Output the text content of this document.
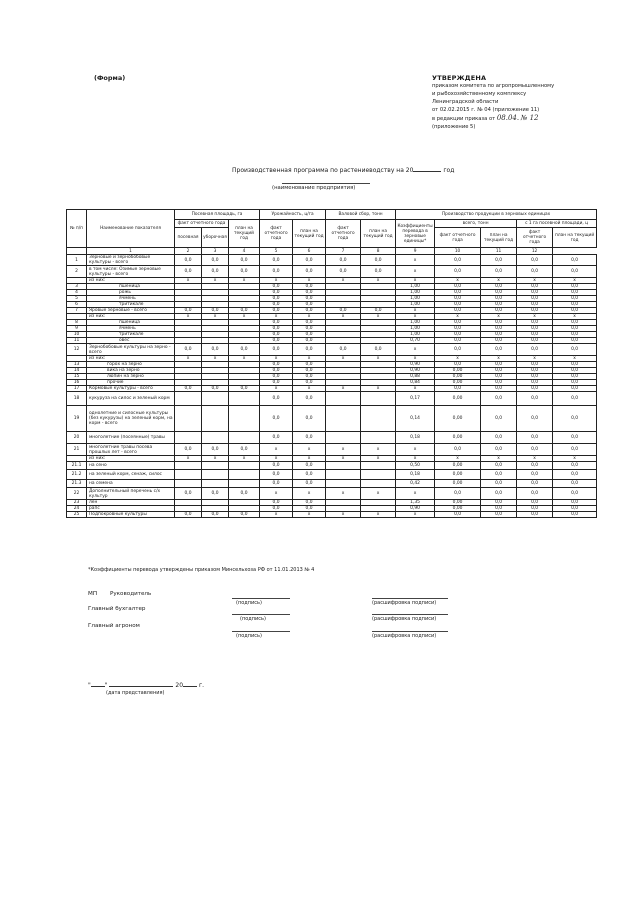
(Форма)	УТВЕРЖДЕНА
приказом комитета по агропромышленному
и рыбохозяйственному комплексу
Ленинградской области
от 02.02.2015 г. № 04 (приложение 11)
в редакции приказа от 08.04. № 12
(приложение 5)
Производственная программа по растениеводству на 20	год
(наименование предприятия)
№ п/п	Наименование показателя	Посевная площадь, га			Урожайность, ц/га		Валовой сбор, тонн		Производство продукции в зерновых единицах				
		факт отчетного года		план на текущий год	факт отчетного года	план на текущий год	факт отчетного года	план на текущий год	Коэффициенты перевода в зерновые единицы*	всего, тонн		с 1 га посевной площади, ц	
		посевная	уборочная							факт отчетного года	план на текущий год	факт отчетного года	план на текущий год
	1	2	3	4	5	6	7	8	9	10	11	12	
1	Зерновые и зернобобовые культуры - всего	0,0	0,0	0,0	0,0	0,0	0,0	0,0	x	0,0	0,0	0,0	0,0
2	в том числе: Озимые зерновые культуры - всего	0,0	0,0	0,0	0,0	0,0	0,0	0,0	x	0,0	0,0	0,0	0,0
	из них:	x	x	x	x	x	x	x	x	x	x	x	x
3	пшеница				0,0	0,0			1,00	0,0	0,0	0,0	0,0
4	рожь				0,0	0,0			1,00	0,0	0,0	0,0	0,0
5	ячмень				0,0	0,0			1,00	0,0	0,0	0,0	0,0
6	тритикале				0,0	0,0			1,00	0,0	0,0	0,0	0,0
7	Яровые зерновые - всего	0,0	0,0	0,0	0,0	0,0	0,0	0,0	x	0,0	0,0	0,0	0,0
	из них:	x	x	x	x	x	x	x	x	x	x	x	x
8	пшеница				0,0	0,0			1,00	0,0	0,0	0,0	0,0
9	ячмень				0,0	0,0			1,00	0,0	0,0	0,0	0,0
10	тритикале				0,0	0,0			1,00	0,0	0,0	0,0	0,0
11	овес				0,0	0,0			0,70	0,0	0,0	0,0	0,0
12	Зернобобовые культуры на зерно - всего	0,0	0,0	0,0	0,0	0,0	0,0	0,0	x	0,0	0,0	0,0	0,0
	из них:	x	x	x	x	x	x	x	x	x	x	x	x
13	горох на зерно				0,0	0,0			0,90	0,0	0,0	0,0	0,0
14	вика на зерно				0,0	0,0			0,90	0,00	0,0	0,0	0,0
15	люпин на зерно				0,0	0,0			0,88	0,00	0,0	0,0	0,0
16	прочие				0,0	0,0			0,84	0,00	0,0	0,0	0,0
17	Кормовые культуры - всего	0,0	0,0	0,0	x	x	x	x	x	0,0	0,0	0,0	0,0
18	кукуруза на силос и зеленый корм				0,0	0,0			0,17	0,00	0,0	0,0	0,0
19	однолетние и силосные культуры (без кукурузы) на зеленый корм, на корм - всего				0,0	0,0			0,14	0,00	0,0	0,0	0,0
20	многолетние (посеянные) травы				0,0	0,0			0,18	0,00	0,0	0,0	0,0
21	многолетние травы посева прошлых лет - всего	0,0	0,0	0,0	x	x	x	x	x	0,0	0,0	0,0	0,0
	из них:	x	x	x	x	x	x	x	x	x	x	x	x
21.1	на сено				0,0	0,0			0,50	0,00	0,0	0,0	0,0
21.2	на зеленый корм, сенаж, силос				0,0	0,0			0,18	0,00	0,0	0,0	0,0
21.3	на семена				0,0	0,0			0,42	0,00	0,0	0,0	0,0
22	Дополнительный перечень с/х культур	0,0	0,0	0,0	x	x	x	x	x	0,0	0,0	0,0	0,0
23	лен				0,0	0,0			1,35	0,00	0,0	0,0	0,0
24	рапс				0,0	0,0			0,90	0,00	0,0	0,0	0,0
25	Подпокровные культуры	0,0	0,0	0,0	x	x	x	x	x	0,0	0,0	0,0	0,0
*Коэффициенты перевода утверждены приказом Минсельхоза РФ от 11.01.2013 № 4
МП Руководитель
(подпись)	(расшифровка подписи)
Главный бухгалтер
(подпись)	(расшифровка подписи)
Главный агроном
(подпись)	(расшифровка подписи)
" "	20	г.
(дата представления)
